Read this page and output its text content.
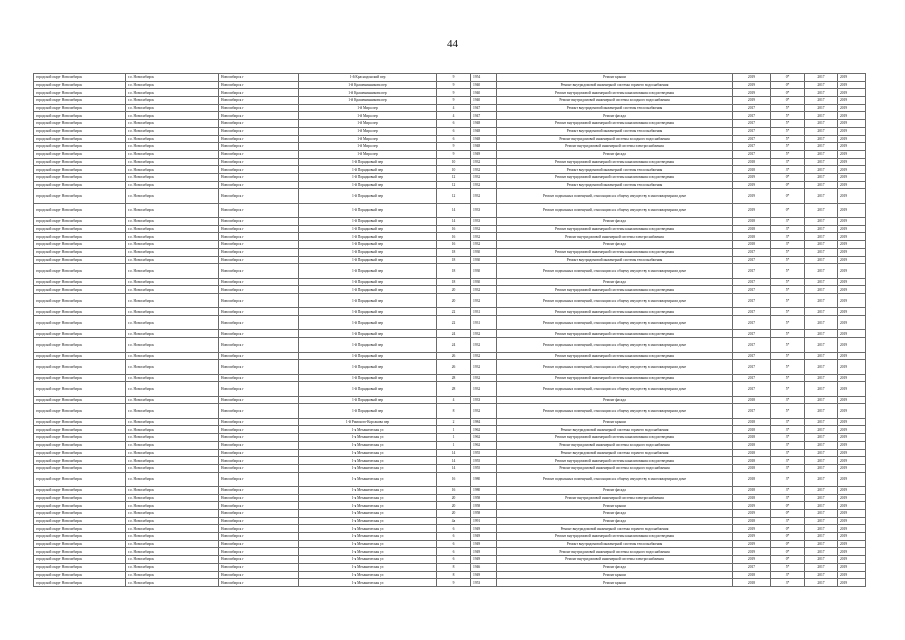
44
городской округ Новосибирск	г.о. Новосибирск	Новосибирск г	1-й Краснодонский пер	9	1954	Ремонт крыши	2019	0*	2017	2019
городской округ Новосибирск	г.о. Новосибирск	Новосибирск г	1-й Крашенинникова пер	9	1940	Ремонт внутридомовой инженерной системы горячего водоснабжения	2019	0*	2017	2019
городской округ Новосибирск	г.о. Новосибирск	Новосибирск г	1-й Крашенинникова пер	9	1940	Ремонт внутридомовой инженерной системы канализования и водоотведения	2019	0*	2017	2019
городской округ Новосибирск	г.о. Новосибирск	Новосибирск г	1-й Крашенинникова пер	9	1940	Ремонт внутридомовой инженерной системы холодного водоснабжения	2019	0*	2017	2019
городской округ Новосибирск	г.о. Новосибирск	Новосибирск г	1-й Мира пер	4	1947	Ремонт внутридомовой инженерной системы теплоснабжения	2017	5*	2017	2019
городской округ Новосибирск	г.о. Новосибирск	Новосибирск г	1-й Мира пер	4	1947	Ремонт фасада	2017	5*	2017	2019
городской округ Новосибирск	г.о. Новосибирск	Новосибирск г	1-й Мира пер	6	1948	Ремонт внутридомовой инженерной системы канализования и водоотведения	2017	5*	2017	2019
городской округ Новосибирск	г.о. Новосибирск	Новосибирск г	1-й Мира пер	6	1948	Ремонт внутридомовой инженерной системы теплоснабжения	2017	5*	2017	2019
городской округ Новосибирск	г.о. Новосибирск	Новосибирск г	1-й Мира пер	6	1948	Ремонт внутридомовой инженерной системы холодного водоснабжения	2017	5*	2017	2019
городской округ Новосибирск	г.о. Новосибирск	Новосибирск г	1-й Мира пер	9	1948	Ремонт внутридомовой инженерной системы электроснабжения	2017	5*	2017	2019
городской округ Новосибирск	г.о. Новосибирск	Новосибирск г	1-й Мира пер	9	1949	Ремонт фасада	2017	5*	2017	2019
городской округ Новосибирск	г.о. Новосибирск	Новосибирск г	1-й Порядковый пер	10	1932	Ремонт внутридомовой инженерной системы канализования и водоотведения	2018	3*	2017	2019
городской округ Новосибирск	г.о. Новосибирск	Новосибирск г	1-й Порядковый пер	10	1932	Ремонт внутридомовой инженерной системы теплоснабжения	2018	3*	2017	2019
городской округ Новосибирск	г.о. Новосибирск	Новосибирск г	1-й Порядковый пер	12	1932	Ремонт внутридомовой инженерной системы канализования и водоотведения	2019	0*	2017	2019
городской округ Новосибирск	г.о. Новосибирск	Новосибирск г	1-й Порядковый пер	12	1932	Ремонт внутридомовой инженерной системы теплоснабжения	2019	0*	2017	2019
городской округ Новосибирск	г.о. Новосибирск	Новосибирск г	1-й Порядковый пер	12	1932	Ремонт подвальных помещений, относящихся к общему имуществу в многоквартирном доме	2019	0*	2017	2019
городской округ Новосибирск	г.о. Новосибирск	Новосибирск г	1-й Порядковый пер	14	1933	Ремонт подвальных помещений, относящихся к общему имуществу в многоквартирном доме	2019	0*	2017	2019
городской округ Новосибирск	г.о. Новосибирск	Новосибирск г	1-й Порядковый пер	14	1933	Ремонт фасада	2018	3*	2017	2019
городской округ Новосибирск	г.о. Новосибирск	Новосибирск г	1-й Порядковый пер	16	1932	Ремонт внутридомовой инженерной системы канализования и водоотведения	2018	3*	2017	2019
городской округ Новосибирск	г.о. Новосибирск	Новосибирск г	1-й Порядковый пер	16	1932	Ремонт внутридомовой инженерной системы электроснабжения	2018	3*	2017	2019
городской округ Новосибирск	г.о. Новосибирск	Новосибирск г	1-й Порядковый пер	16	1932	Ремонт фасада	2018	3*	2017	2019
городской округ Новосибирск	г.о. Новосибирск	Новосибирск г	1-й Порядковый пер	18	1930	Ремонт внутридомовой инженерной системы канализования и водоотведения	2017	5*	2017	2019
городской округ Новосибирск	г.о. Новосибирск	Новосибирск г	1-й Порядковый пер	18	1930	Ремонт внутридомовой инженерной системы теплоснабжения	2017	5*	2017	2019
городской округ Новосибирск	г.о. Новосибирск	Новосибирск г	1-й Порядковый пер	18	1930	Ремонт подвальных помещений, относящихся к общему имуществу в многоквартирном доме	2017	5*	2017	2019
городской округ Новосибирск	г.о. Новосибирск	Новосибирск г	1-й Порядковый пер	18	1930	Ремонт фасада	2017	5*	2017	2019
городской округ Новосибирск	г.о. Новосибирск	Новосибирск г	1-й Порядковый пер	20	1932	Ремонт внутридомовой инженерной системы канализования и водоотведения	2017	5*	2017	2019
городской округ Новосибирск	г.о. Новосибирск	Новосибирск г	1-й Порядковый пер	20	1932	Ремонт подвальных помещений, относящихся к общему имуществу в многоквартирном доме	2017	5*	2017	2019
городской округ Новосибирск	г.о. Новосибирск	Новосибирск г	1-й Порядковый пер	22	1931	Ремонт внутридомовой инженерной системы канализования и водоотведения	2017	5*	2017	2019
городской округ Новосибирск	г.о. Новосибирск	Новосибирск г	1-й Порядковый пер	22	1931	Ремонт подвальных помещений, относящихся к общему имуществу в многоквартирном доме	2017	5*	2017	2019
городской округ Новосибирск	г.о. Новосибирск	Новосибирск г	1-й Порядковый пер	24	1932	Ремонт внутридомовой инженерной системы канализования и водоотведения	2017	5*	2017	2019
городской округ Новосибирск	г.о. Новосибирск	Новосибирск г	1-й Порядковый пер	24	1932	Ремонт подвальных помещений, относящихся к общему имуществу в многоквартирном доме	2017	5*	2017	2019
городской округ Новосибирск	г.о. Новосибирск	Новосибирск г	1-й Порядковый пер	26	1932	Ремонт внутридомовой инженерной системы канализования и водоотведения	2017	5*	2017	2019
городской округ Новосибирск	г.о. Новосибирск	Новосибирск г	1-й Порядковый пер	26	1932	Ремонт подвальных помещений, относящихся к общему имуществу в многоквартирном доме	2017	5*	2017	2019
городской округ Новосибирск	г.о. Новосибирск	Новосибирск г	1-й Порядковый пер	28	1932	Ремонт внутридомовой инженерной системы канализования и водоотведения	2017	5*	2017	2019
городской округ Новосибирск	г.о. Новосибирск	Новосибирск г	1-й Порядковый пер	28	1932	Ремонт подвальных помещений, относящихся к общему имуществу в многоквартирном доме	2017	5*	2017	2019
городской округ Новосибирск	г.о. Новосибирск	Новосибирск г	1-й Порядковый пер	4	1933	Ремонт фасада	2018	3*	2017	2019
городской округ Новосибирск	г.о. Новосибирск	Новосибирск г	1-й Порядковый пер	8	1932	Ремонт подвальных помещений, относящихся к общему имуществу в многоквартирном доме	2017	5*	2017	2019
городской округ Новосибирск	г.о. Новосибирск	Новосибирск г	1-й Римского-Корсакова пер	2	1984	Ремонт крыши	2018	3*	2017	2019
городской округ Новосибирск	г.о. Новосибирск	Новосибирск г	1-я Механическая ул	1	1962	Ремонт внутридомовой инженерной системы горячего водоснабжения	2018	3*	2017	2019
городской округ Новосибирск	г.о. Новосибирск	Новосибирск г	1-я Механическая ул	1	1962	Ремонт внутридомовой инженерной системы канализования и водоотведения	2018	3*	2017	2019
городской округ Новосибирск	г.о. Новосибирск	Новосибирск г	1-я Механическая ул	1	1962	Ремонт внутридомовой инженерной системы холодного водоснабжения	2018	3*	2017	2019
городской округ Новосибирск	г.о. Новосибирск	Новосибирск г	1-я Механическая ул	14	1955	Ремонт внутридомовой инженерной системы горячего водоснабжения	2018	3*	2017	2019
городской округ Новосибирск	г.о. Новосибирск	Новосибирск г	1-я Механическая ул	14	1955	Ремонт внутридомовой инженерной системы канализования и водоотведения	2018	3*	2017	2019
городской округ Новосибирск	г.о. Новосибирск	Новосибирск г	1-я Механическая ул	14	1955	Ремонт внутридомовой инженерной системы холодного водоснабжения	2018	3*	2017	2019
городской округ Новосибирск	г.о. Новосибирск	Новосибирск г	1-я Механическая ул	16	1980	Ремонт подвальных помещений, относящихся к общему имуществу в многоквартирном доме	2018	3*	2017	2019
городской округ Новосибирск	г.о. Новосибирск	Новосибирск г	1-я Механическая ул	16	1980	Ремонт фасада	2018	3*	2017	2019
городской округ Новосибирск	г.о. Новосибирск	Новосибирск г	1-я Механическая ул	20	1958	Ремонт внутридомовой инженерной системы электроснабжения	2018	3*	2017	2019
городской округ Новосибирск	г.о. Новосибирск	Новосибирск г	1-я Механическая ул	20	1958	Ремонт крыши	2019	0*	2017	2019
городской округ Новосибирск	г.о. Новосибирск	Новосибирск г	1-я Механическая ул	20	1958	Ремонт фасада	2019	0*	2017	2019
городской округ Новосибирск	г.о. Новосибирск	Новосибирск г	1-я Механическая ул	4a	1991	Ремонт фасада	2018	3*	2017	2019
городской округ Новосибирск	г.о. Новосибирск	Новосибирск г	1-я Механическая ул	6	1949	Ремонт внутридомовой инженерной системы горячего водоснабжения	2019	0*	2017	2019
городской округ Новосибирск	г.о. Новосибирск	Новосибирск г	1-я Механическая ул	6	1949	Ремонт внутридомовой инженерной системы канализования и водоотведения	2019	0*	2017	2019
городской округ Новосибирск	г.о. Новосибирск	Новосибирск г	1-я Механическая ул	6	1949	Ремонт внутридомовой инженерной системы теплоснабжения	2019	0*	2017	2019
городской округ Новосибирск	г.о. Новосибирск	Новосибирск г	1-я Механическая ул	6	1949	Ремонт внутридомовой инженерной системы холодного водоснабжения	2019	0*	2017	2019
городской округ Новосибирск	г.о. Новосибирск	Новосибирск г	1-я Механическая ул	6	1949	Ремонт внутридомовой инженерной системы электроснабжения	2019	0*	2017	2019
городской округ Новосибирск	г.о. Новосибирск	Новосибирск г	1-я Механическая ул	8	1946	Ремонт фасада	2017	5*	2017	2019
городской округ Новосибирск	г.о. Новосибирск	Новосибирск г	1-я Механическая ул	8	1949	Ремонт крыши	2018	3*	2017	2019
городской округ Новосибирск	г.о. Новосибирск	Новосибирск г	1-я Механическая ул	9	1953	Ремонт крыши	2018	3*	2017	2019
